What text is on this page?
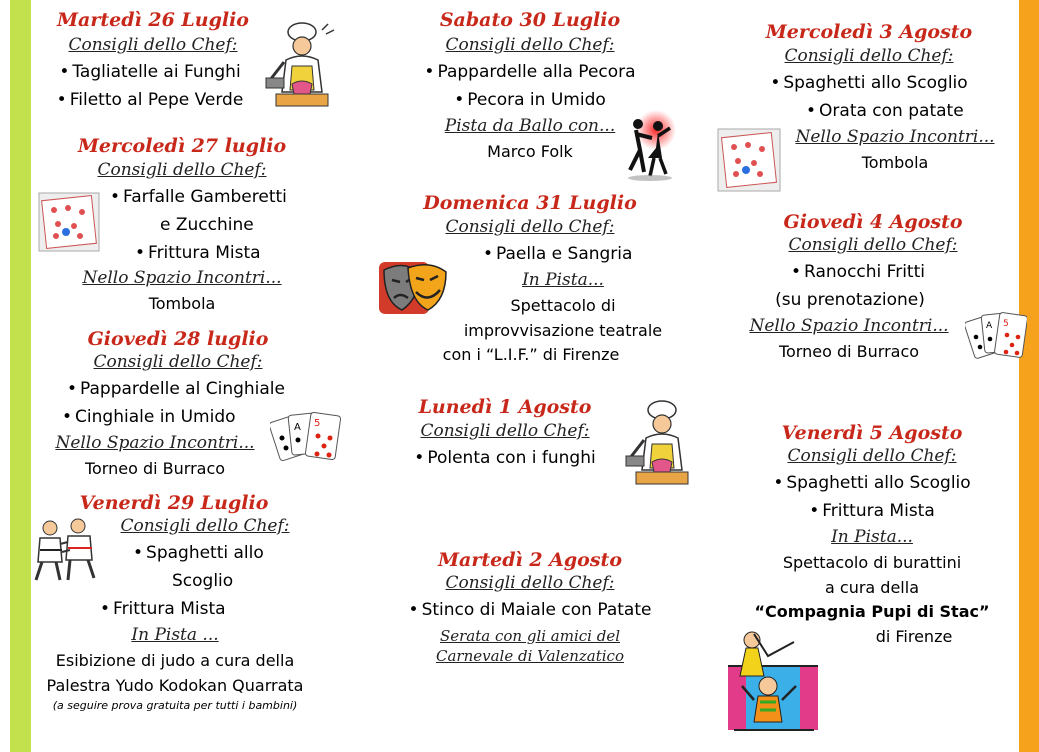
Martedì 26 Luglio
Consigli dello Chef:
• Tagliatelle ai Funghi
• Filetto al Pepe Verde
Mercoledì 27 luglio
Consigli dello Chef:
• Farfalle Gamberetti
e Zucchine
• Frittura Mista
Nello Spazio Incontri...
Tombola
Giovedì 28 luglio
Consigli dello Chef:
• Pappardelle al Cinghiale
• Cinghiale in Umido
Nello Spazio Incontri...
Torneo di Burraco
A 5
Venerdì 29 Luglio
Consigli dello Chef:
• Spaghetti allo
Scoglio
• Frittura Mista
In Pista ...
Esibizione di judo a cura della
Palestra Yudo Kodokan Quarrata
(a seguire prova gratuita per tutti i bambini)
Sabato 30 Luglio
Consigli dello Chef:
• Pappardelle alla Pecora
• Pecora in Umido
Pista da Ballo con...
Marco Folk
Domenica 31 Luglio
Consigli dello Chef:
• Paella e Sangria
In Pista...
Spettacolo di
improvvisazione teatrale
con i “L.I.F.” di Firenze
Lunedì 1 Agosto
Consigli dello Chef:
• Polenta con i funghi
Martedì 2 Agosto
Consigli dello Chef:
• Stinco di Maiale con Patate
Serata con gli amici del
Carnevale di Valenzatico
Mercoledì 3 Agosto
Consigli dello Chef:
• Spaghetti allo Scoglio
• Orata con patate
Nello Spazio Incontri...
Tombola
Giovedì 4 Agosto
Consigli dello Chef:
• Ranocchi Fritti
(su prenotazione)
Nello Spazio Incontri...
Torneo di Burraco
A 5
Venerdì 5 Agosto
Consigli dello Chef:
• Spaghetti allo Scoglio
• Frittura Mista
In Pista...
Spettacolo di burattini
a cura della
“Compagnia Pupi di Stac”
di Firenze
